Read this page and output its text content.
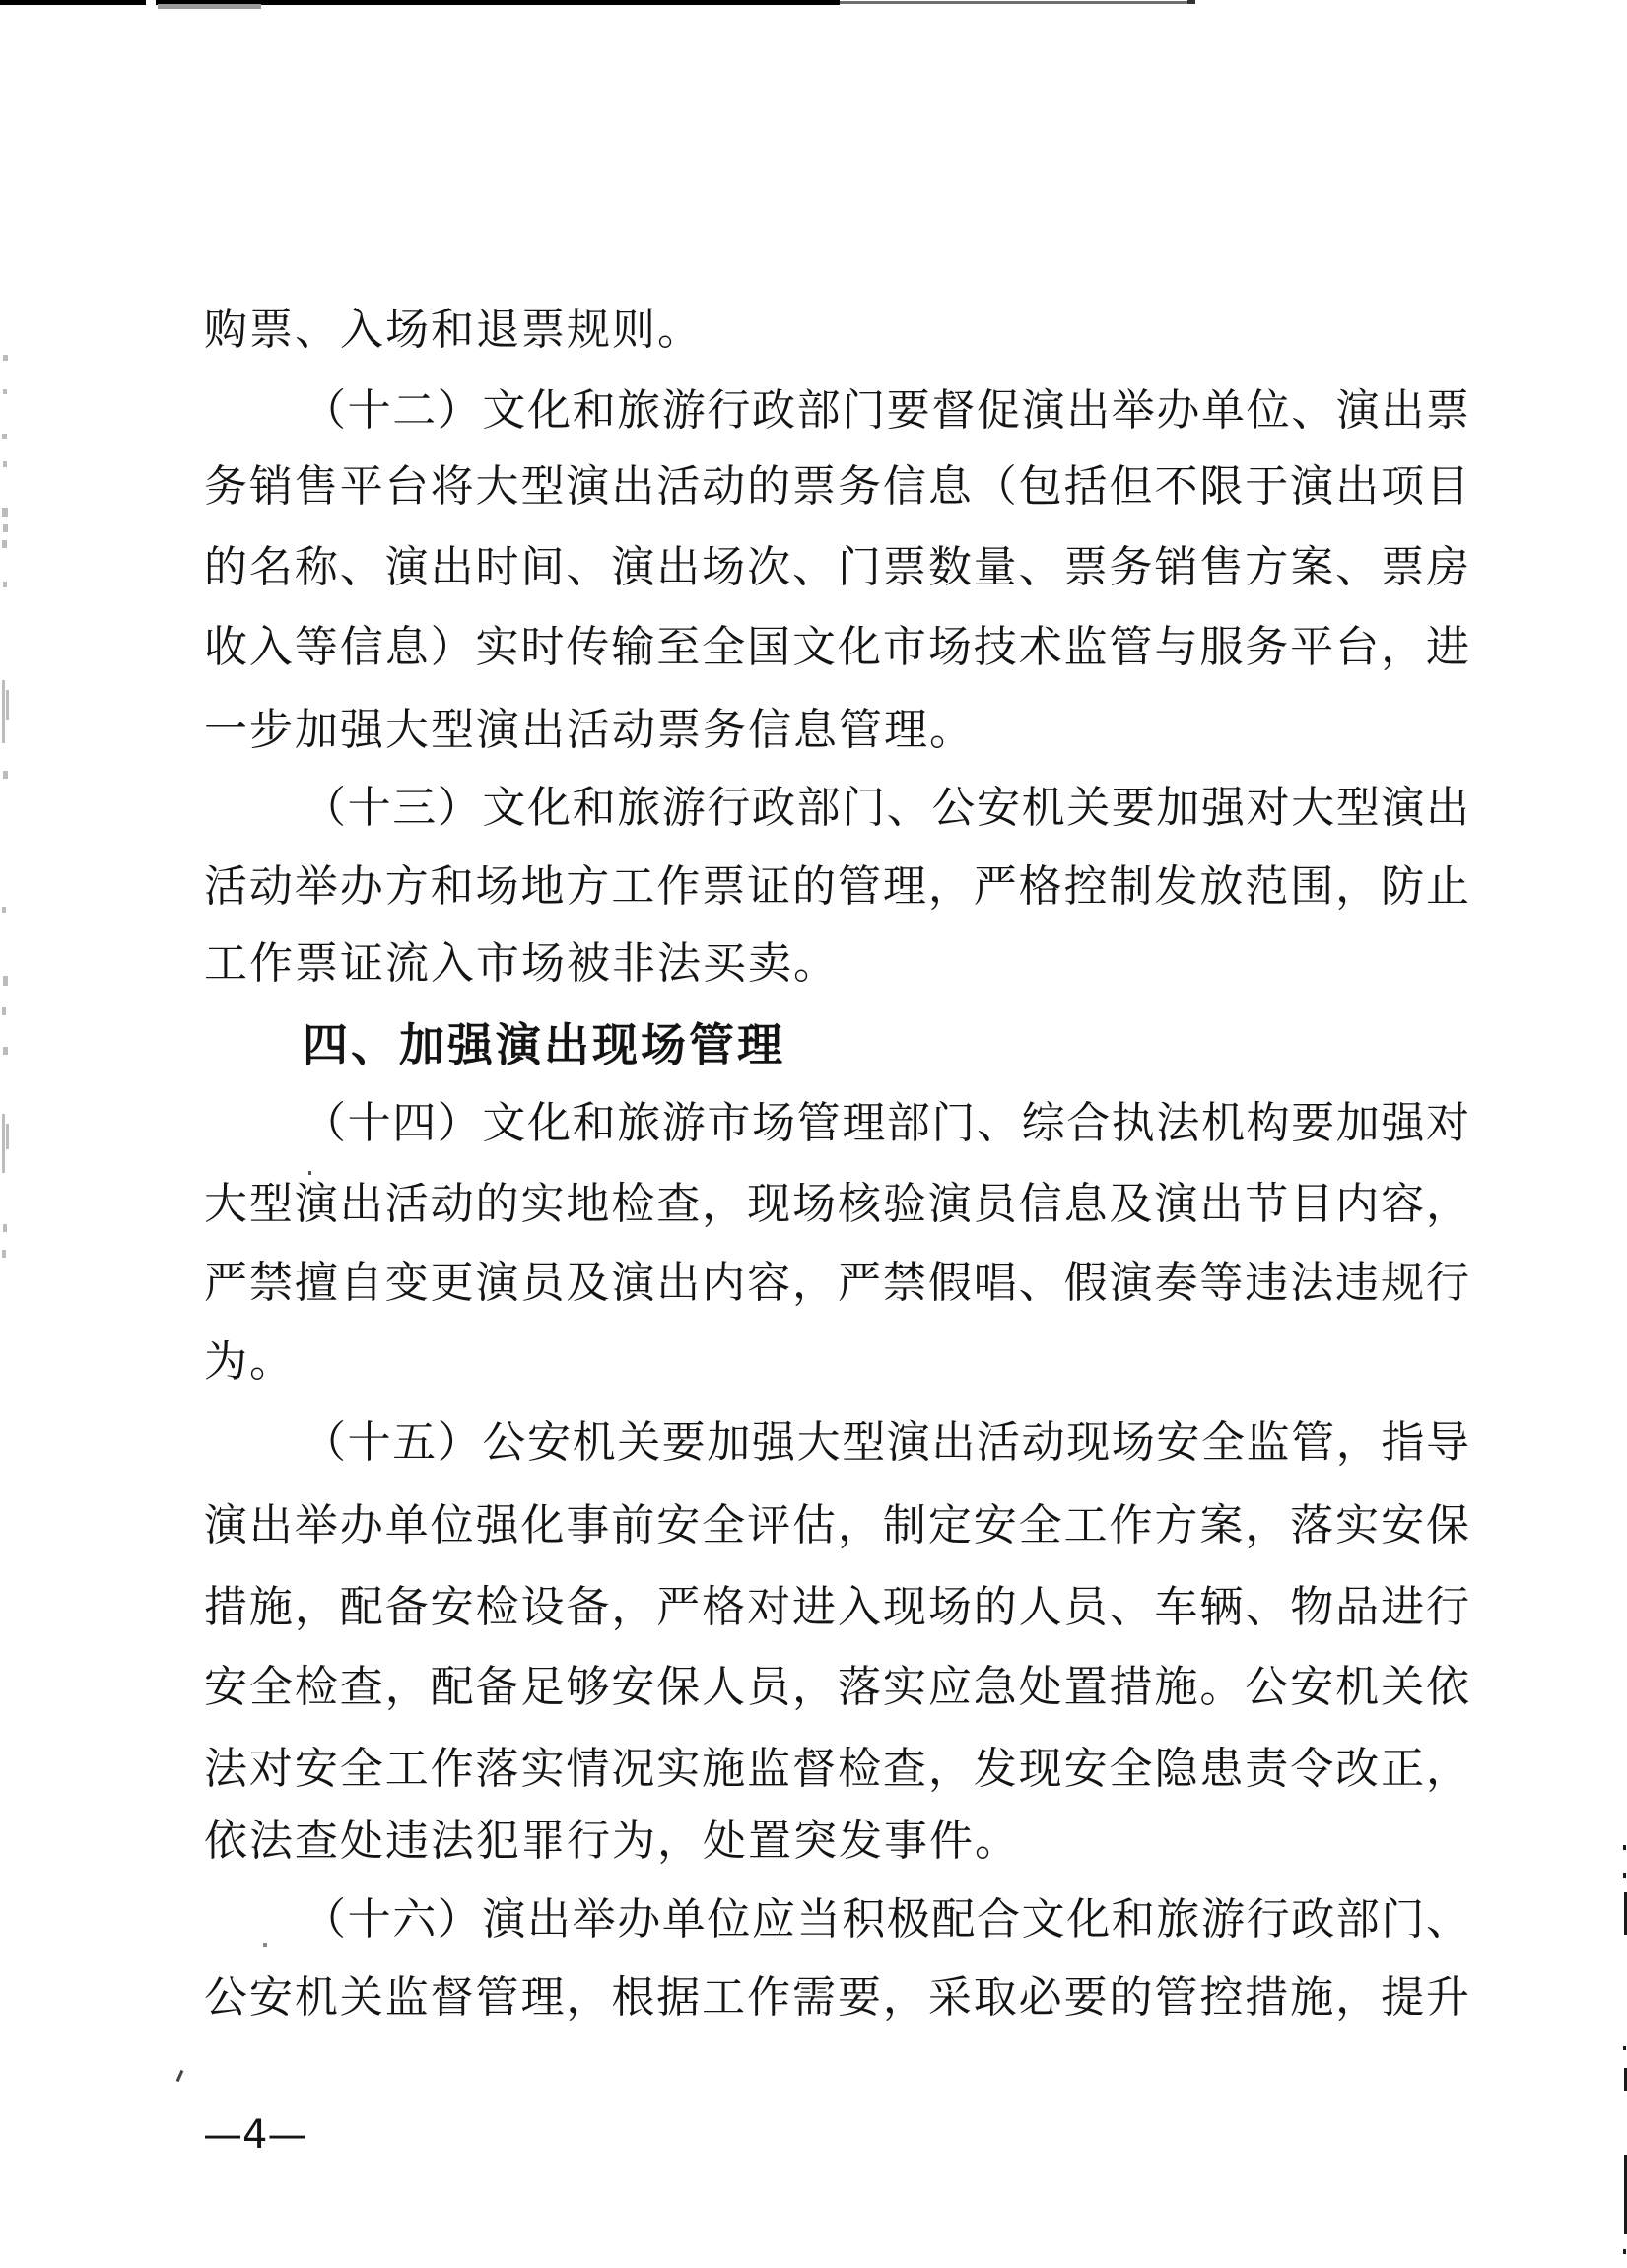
购票、入场和退票规则。
（十二）文化和旅游行政部门要督促演出举办单位、演出票
务销售平台将大型演出活动的票务信息（包括但不限于演出项目
的名称、演出时间、演出场次、门票数量、票务销售方案、票房
收入等信息）实时传输至全国文化市场技术监管与服务平台，进
一步加强大型演出活动票务信息管理。
（十三）文化和旅游行政部门、公安机关要加强对大型演出
活动举办方和场地方工作票证的管理，严格控制发放范围，防止
工作票证流入市场被非法买卖。
四、加强演出现场管理
（十四）文化和旅游市场管理部门、综合执法机构要加强对
大型演出活动的实地检查，现场核验演员信息及演出节目内容，
严禁擅自变更演员及演出内容，严禁假唱、假演奏等违法违规行
为。
（十五）公安机关要加强大型演出活动现场安全监管，指导
演出举办单位强化事前安全评估，制定安全工作方案，落实安保
措施，配备安检设备，严格对进入现场的人员、车辆、物品进行
安全检查，配备足够安保人员，落实应急处置措施。公安机关依
法对安全工作落实情况实施监督检查，发现安全隐患责令改正，
依法查处违法犯罪行为，处置突发事件。
（十六）演出举办单位应当积极配合文化和旅游行政部门、
公安机关监督管理，根据工作需要，采取必要的管控措施，提升
—4—
